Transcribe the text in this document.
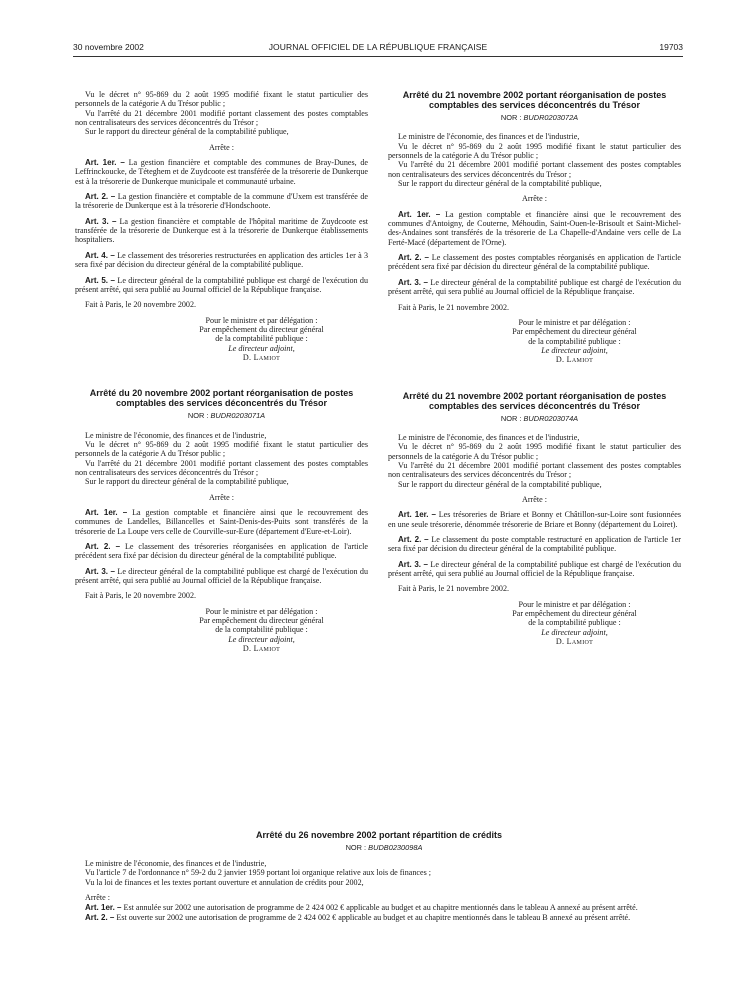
30 novembre 2002	JOURNAL OFFICIEL DE LA RÉPUBLIQUE FRANÇAISE	19703

Vu le décret n° 95-869 du 2 août 1995 modifié fixant le statut particulier des personnels de la catégorie A du Trésor public ;

Vu l'arrêté du 21 décembre 2001 modifié portant classement des postes comptables non centralisateurs des services déconcentrés du Trésor ;

Sur le rapport du directeur général de la comptabilité publique,

Arrête :

Art. 1er. – La gestion financière et comptable des communes de Bray-Dunes, de Leffrinckoucke, de Téteghem et de Zuydcoote est transférée de la trésorerie de Dunkerque est à la trésorerie de Dunkerque municipale et communauté urbaine.

Art. 2. – La gestion financière et comptable de la commune d'Uxem est transférée de la trésorerie de Dunkerque est à la trésorerie d'Hondschoote.

Art. 3. – La gestion financière et comptable de l'hôpital maritime de Zuydcoote est transférée de la trésorerie de Dunkerque est à la trésorerie de Dunkerque établissements hospitaliers.

Art. 4. – Le classement des trésoreries restructurées en application des articles 1er à 3 sera fixé par décision du directeur général de la comptabilité publique.

Art. 5. – Le directeur général de la comptabilité publique est chargé de l'exécution du présent arrêté, qui sera publié au Journal officiel de la République française.

Fait à Paris, le 20 novembre 2002.

Pour le ministre et par délégation :

Par empêchement du directeur général

de la comptabilité publique :

Le directeur adjoint,

D. Lamiot

Arrêté du 20 novembre 2002 portant réorganisation de postes comptables des services déconcentrés du Trésor

NOR : BUDR0203071A

Le ministre de l'économie, des finances et de l'industrie,

Vu le décret n° 95-869 du 2 août 1995 modifié fixant le statut particulier des personnels de la catégorie A du Trésor public ;

Vu l'arrêté du 21 décembre 2001 modifié portant classement des postes comptables non centralisateurs des services déconcentrés du Trésor ;

Sur le rapport du directeur général de la comptabilité publique,

Arrête :

Art. 1er. – La gestion comptable et financière ainsi que le recouvrement des communes de Landelles, Billancelles et Saint-Denis-des-Puits sont transférés de la trésorerie de La Loupe vers celle de Courville-sur-Eure (département d'Eure-et-Loir).

Art. 2. – Le classement des trésoreries réorganisées en application de l'article précédent sera fixé par décision du directeur général de la comptabilité publique.

Art. 3. – Le directeur général de la comptabilité publique est chargé de l'exécution du présent arrêté, qui sera publié au Journal officiel de la République française.

Fait à Paris, le 20 novembre 2002.

Pour le ministre et par délégation :

Par empêchement du directeur général

de la comptabilité publique :

Le directeur adjoint,

D. Lamiot

Arrêté du 21 novembre 2002 portant réorganisation de postes comptables des services déconcentrés du Trésor

NOR : BUDR0203072A

Le ministre de l'économie, des finances et de l'industrie,

Vu le décret n° 95-869 du 2 août 1995 modifié fixant le statut particulier des personnels de la catégorie A du Trésor public ;

Vu l'arrêté du 21 décembre 2001 modifié portant classement des postes comptables non centralisateurs des services déconcentrés du Trésor ;

Sur le rapport du directeur général de la comptabilité publique,

Arrête :

Art. 1er. – La gestion comptable et financière ainsi que le recouvrement des communes d'Antoigny, de Couterne, Méhoudin, Saint-Ouen-le-Brisoult et Saint-Michel-des-Andaines sont transférés de la trésorerie de La Chapelle-d'Andaine vers celle de La Ferté-Macé (département de l'Orne).

Art. 2. – Le classement des postes comptables réorganisés en application de l'article précédent sera fixé par décision du directeur général de la comptabilité publique.

Art. 3. – Le directeur général de la comptabilité publique est chargé de l'exécution du présent arrêté, qui sera publié au Journal officiel de la République française.

Fait à Paris, le 21 novembre 2002.

Pour le ministre et par délégation :

Par empêchement du directeur général

de la comptabilité publique :

Le directeur adjoint,

D. Lamiot

Arrêté du 21 novembre 2002 portant réorganisation de postes comptables des services déconcentrés du Trésor

NOR : BUDR0203074A

Le ministre de l'économie, des finances et de l'industrie,

Vu le décret n° 95-869 du 2 août 1995 modifié fixant le statut particulier des personnels de la catégorie A du Trésor public ;

Vu l'arrêté du 21 décembre 2001 modifié portant classement des postes comptables non centralisateurs des services déconcentrés du Trésor ;

Sur le rapport du directeur général de la comptabilité publique,

Arrête :

Art. 1er. – Les trésoreries de Briare et Bonny et Châtillon-sur-Loire sont fusionnées en une seule trésorerie, dénommée trésorerie de Briare et Bonny (département du Loiret).

Art. 2. – Le classement du poste comptable restructuré en application de l'article 1er sera fixé par décision du directeur général de la comptabilité publique.

Art. 3. – Le directeur général de la comptabilité publique est chargé de l'exécution du présent arrêté, qui sera publié au Journal officiel de la République française.

Fait à Paris, le 21 novembre 2002.

Pour le ministre et par délégation :

Par empêchement du directeur général

de la comptabilité publique :

Le directeur adjoint,

D. Lamiot

Arrêté du 26 novembre 2002 portant répartition de crédits

NOR : BUDB0230098A

Le ministre de l'économie, des finances et de l'industrie,

Vu l'article 7 de l'ordonnance n° 59-2 du 2 janvier 1959 portant loi organique relative aux lois de finances ;

Vu la loi de finances et les textes portant ouverture et annulation de crédits pour 2002,

Arrête :

Art. 1er. – Est annulée sur 2002 une autorisation de programme de 2 424 002 € applicable au budget et au chapitre mentionnés dans le tableau A annexé au présent arrêté.

Art. 2. – Est ouverte sur 2002 une autorisation de programme de 2 424 002 € applicable au budget et au chapitre mentionnés dans le tableau B annexé au présent arrêté.
